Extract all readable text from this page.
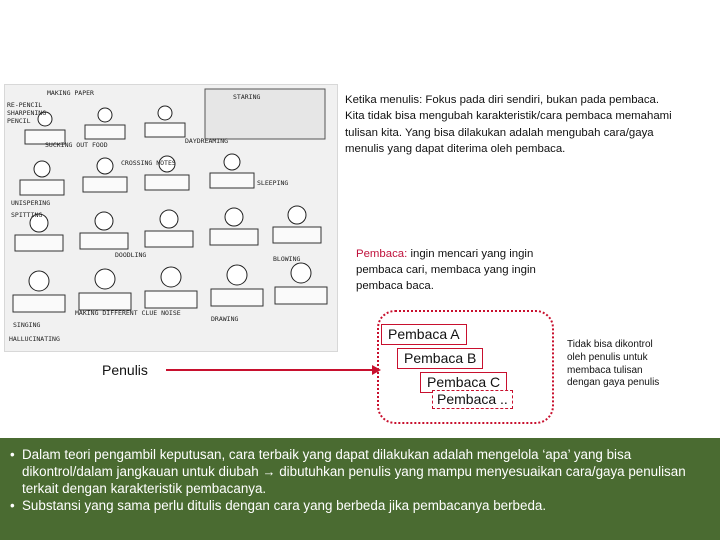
MAKING PAPER	STARING
RE-PENCIL
SHARPENING
PENCIL
SUCKING OUT FOOD
UNISPERING
CROSSING NOTES
SPITTING
DAYDREAMING
SLEEPING
DOODLING
MAKING DIFFERENT CLUE NOISE
SINGING
DRAWING
BLOWING
HALLUCINATING
Ketika menulis: Fokus pada diri sendiri, bukan pada pembaca. Kita tidak bisa mengubah karakteristik/cara pembaca memahami tulisan kita. Yang bisa dilakukan adalah mengubah cara/gaya menulis yang dapat diterima oleh pembaca.
Pembaca: ingin mencari yang ingin pembaca cari, membaca yang ingin pembaca baca.
Penulis
Pembaca A
Pembaca B
Pembaca C
Pembaca ..
Tidak bisa dikontrol oleh penulis untuk membaca tulisan dengan gaya penulis
• Dalam teori pengambil keputusan, cara terbaik yang dapat dilakukan adalah mengelola ‘apa’ yang bisa dikontrol/dalam jangkauan untuk diubah → dibutuhkan penulis yang mampu menyesuaikan cara/gaya penulisan terkait dengan karakteristik pembacanya.
• Substansi yang sama perlu ditulis dengan cara yang berbeda jika pembacanya berbeda.
